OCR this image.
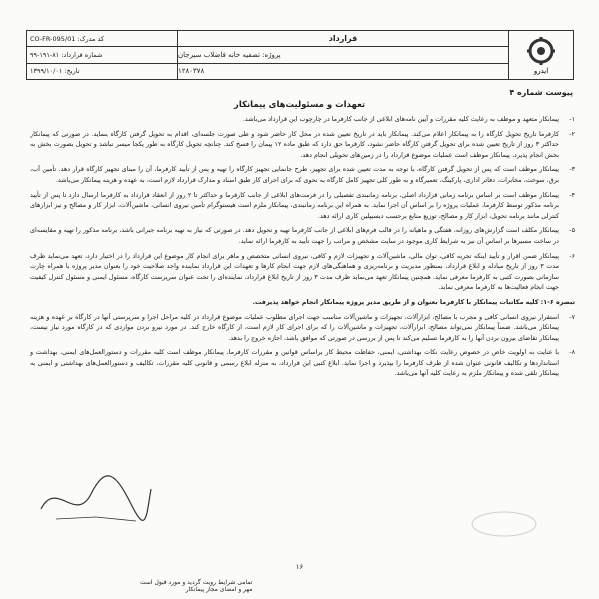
کد مدرک: CO-FR-095/01
شماره قرارداد: ۸۱-۱۹۱-۹۹
تاریخ: ۱۳۹۹/۱۰/۰۱
قرارداد
پروژه: تصفیه خانه فاضلاب سیرجان
۱۲۸۰۳۷۸	ایدرو
پیوست شماره ۴
تعهدات و مسئولیت‌های پیمانکار
۱-
پیمانکار متعهد و موظف به رعایت کلیه مقررات و آیین نامه‌های ابلاغی از جانب کارفرما در چارچوب این قرارداد می‌باشد.
۲-
کارفرما تاریخ تحویل کارگاه را به پیمانکار اعلام می‌کند. پیمانکار باید در تاریخ تعیین شده در محل کار حاضر شود و طی صورت جلسه‌ای، اقدام به تحویل گرفتن کارگاه بنماید. در صورتی که پیمانکار حداکثر ۳ روز از تاریخ تعیین شده برای تحویل گرفتن کارگاه حاضر نشود، کارفرما حق دارد که طبق ماده ۱۲ پیمان را فسخ کند. چنانچه تحویل کارگاه به طور یکجا میسر نباشد و تحویل بصورت بخش به بخش انجام پذیرد، پیمانکار موظف است عملیات موضوع قرارداد را در زمین‌های تحویلی انجام دهد.
۳-
پیمانکار موظف است که پس از تحویل گرفتن کارگاه، با توجه به مدت تعیین شده برای تجهیز، طرح جانمایی تجهیز کارگاه را تهیه و پس از تأیید کارفرما، آن را مبنای تجهیز کارگاه قرار دهد. تأمین آب، برق، سوخت، مخابرات، دفاتر اداری، پارکینگ، تعمیرگاه و به طور کلی تجهیز کامل کارگاه به نحوی که برای اجرای کار طبق اسناد و مدارک قرارداد لازم است، به عهده و هزینه پیمانکار می‌باشد.
۴-
پیمانکار موظف است بر اساس برنامه زمانی قرارداد اصلی، برنامه زمانبندی تفصیلی را در فرمت‌های ابلاغی از جانب کارفرما و حداکثر تا ۲ روز از انعقاد قرارداد به کارفرما ارسال دارد تا پس از تأیید برنامه مذکور توسط کارفرما، عملیات پروژه را بر اساس آن اجرا نماید. به همراه این برنامه زمانبندی، پیمانکار ملزم است هیستوگرام تأمین نیروی انسانی، ماشین‌آلات، ابزار کار و مصالح و نیز ابزارهای کنترلی مانند برنامه تحویل، ابزار کار و مصالح، توزیع منابع برحسب دیسیپلین کاری ارائه دهد.
۵-
پیمانکار مکلف است گزارش‌های روزانه، هفتگی و ماهیانه را در قالب فرم‌های ابلاغی از جانب کارفرما تهیه و تحویل دهد. در صورتی که نیاز به تهیه برنامه جبرانی باشد، برنامه مذکور را تهیه و مقایسه‌ای در ساخت مسیرها بر اساس آن نیز به شرایط کاری موجود در سایت مشخص و مراتب را جهت تأیید به کارفرما ارائه نماید.
۶-
پیمانکار ضمن اقرار و تأیید اینکه تجربه کافی، توان مالی، ماشین‌آلات و تجهیزات لازم و کافی، نیروی انسانی متخصص و ماهر برای انجام کار موضوع این قرارداد را در اختیار دارد، تعهد می‌نماید ظرف مدت ۳ روز از تاریخ مبادله و ابلاغ قرارداد، بمنظور مدیریت و برنامه‌ریزی و هماهنگی‌های لازم جهت انجام کارها و تعهدات این قرارداد نماینده واجد صلاحیت خود را بعنوان مدیر پروژه با همراه چارت سازمانی بصورت کتبی به کارفرما معرفی نماید. همچنین پیمانکار تعهد می‌نماید ظرف مدت ۳ روز از تاریخ ابلاغ قرارداد، نماینده‌ای را تحت عنوان سرپرست کارگاه، مسئول ایمنی و مسئول کنترل کیفیت جهت انجام فعالیت‌ها به کارفرما معرفی نماید.
تبصره ۶-۱: کلیه مکاتبات پیمانکار با کارفرما بعنوان و از طریق مدیر پروژه پیمانکار انجام خواهد پذیرفت.
۷-
استقرار نیروی انسانی کافی و مجرب با مصالح، ابزارآلات، تجهیزات و ماشین‌آلات مناسب جهت اجرای مطلوب عملیات موضوع قرارداد در کلیه مراحل اجرا و سرپرستی آنها در کارگاه بر عهده و هزینه پیمانکار می‌باشد. ضمناً پیمانکار نمی‌تواند مصالح، ابزارآلات، تجهیزات و ماشین‌آلات را که برای اجرای کار لازم است، از کارگاه خارج کند. در مورد نیرو بردن مواردی که در کارگاه مورد نیاز نیست، پیمانکار تقاضای بیرون بردن آنها را به کارفرما تسلیم می‌کند تا پس از بررسی در صورتی که موافق باشد، اجازه خروج را بدهد.
۸-
با عنایت به اولویت خاص در خصوص رعایت نکات بهداشتی، ایمنی، حفاظت محیط کار براساس قوانین و مقررات کارفرما، پیمانکار موظف است کلیه مقررات و دستورالعمل‌های ایمنی، بهداشت و استانداردها و تکالیف قانونی عنوان شده از طرف کارفرما را بپذیرد و اجرا نماید. ابلاغ کتبی این قرارداد، به منزله ابلاغ رسمی و قانونی کلیه مقررات، تکالیف و دستورالعمل‌های بهداشتی و ایمنی به پیمانکار تلقی شده و پیمانکار ملزم به رعایت کلیه آنها می‌باشد.
۱۶
تمامی شرایط رویت گردید و مورد قبول است
مهر و امضای مجاز پیمانکار
